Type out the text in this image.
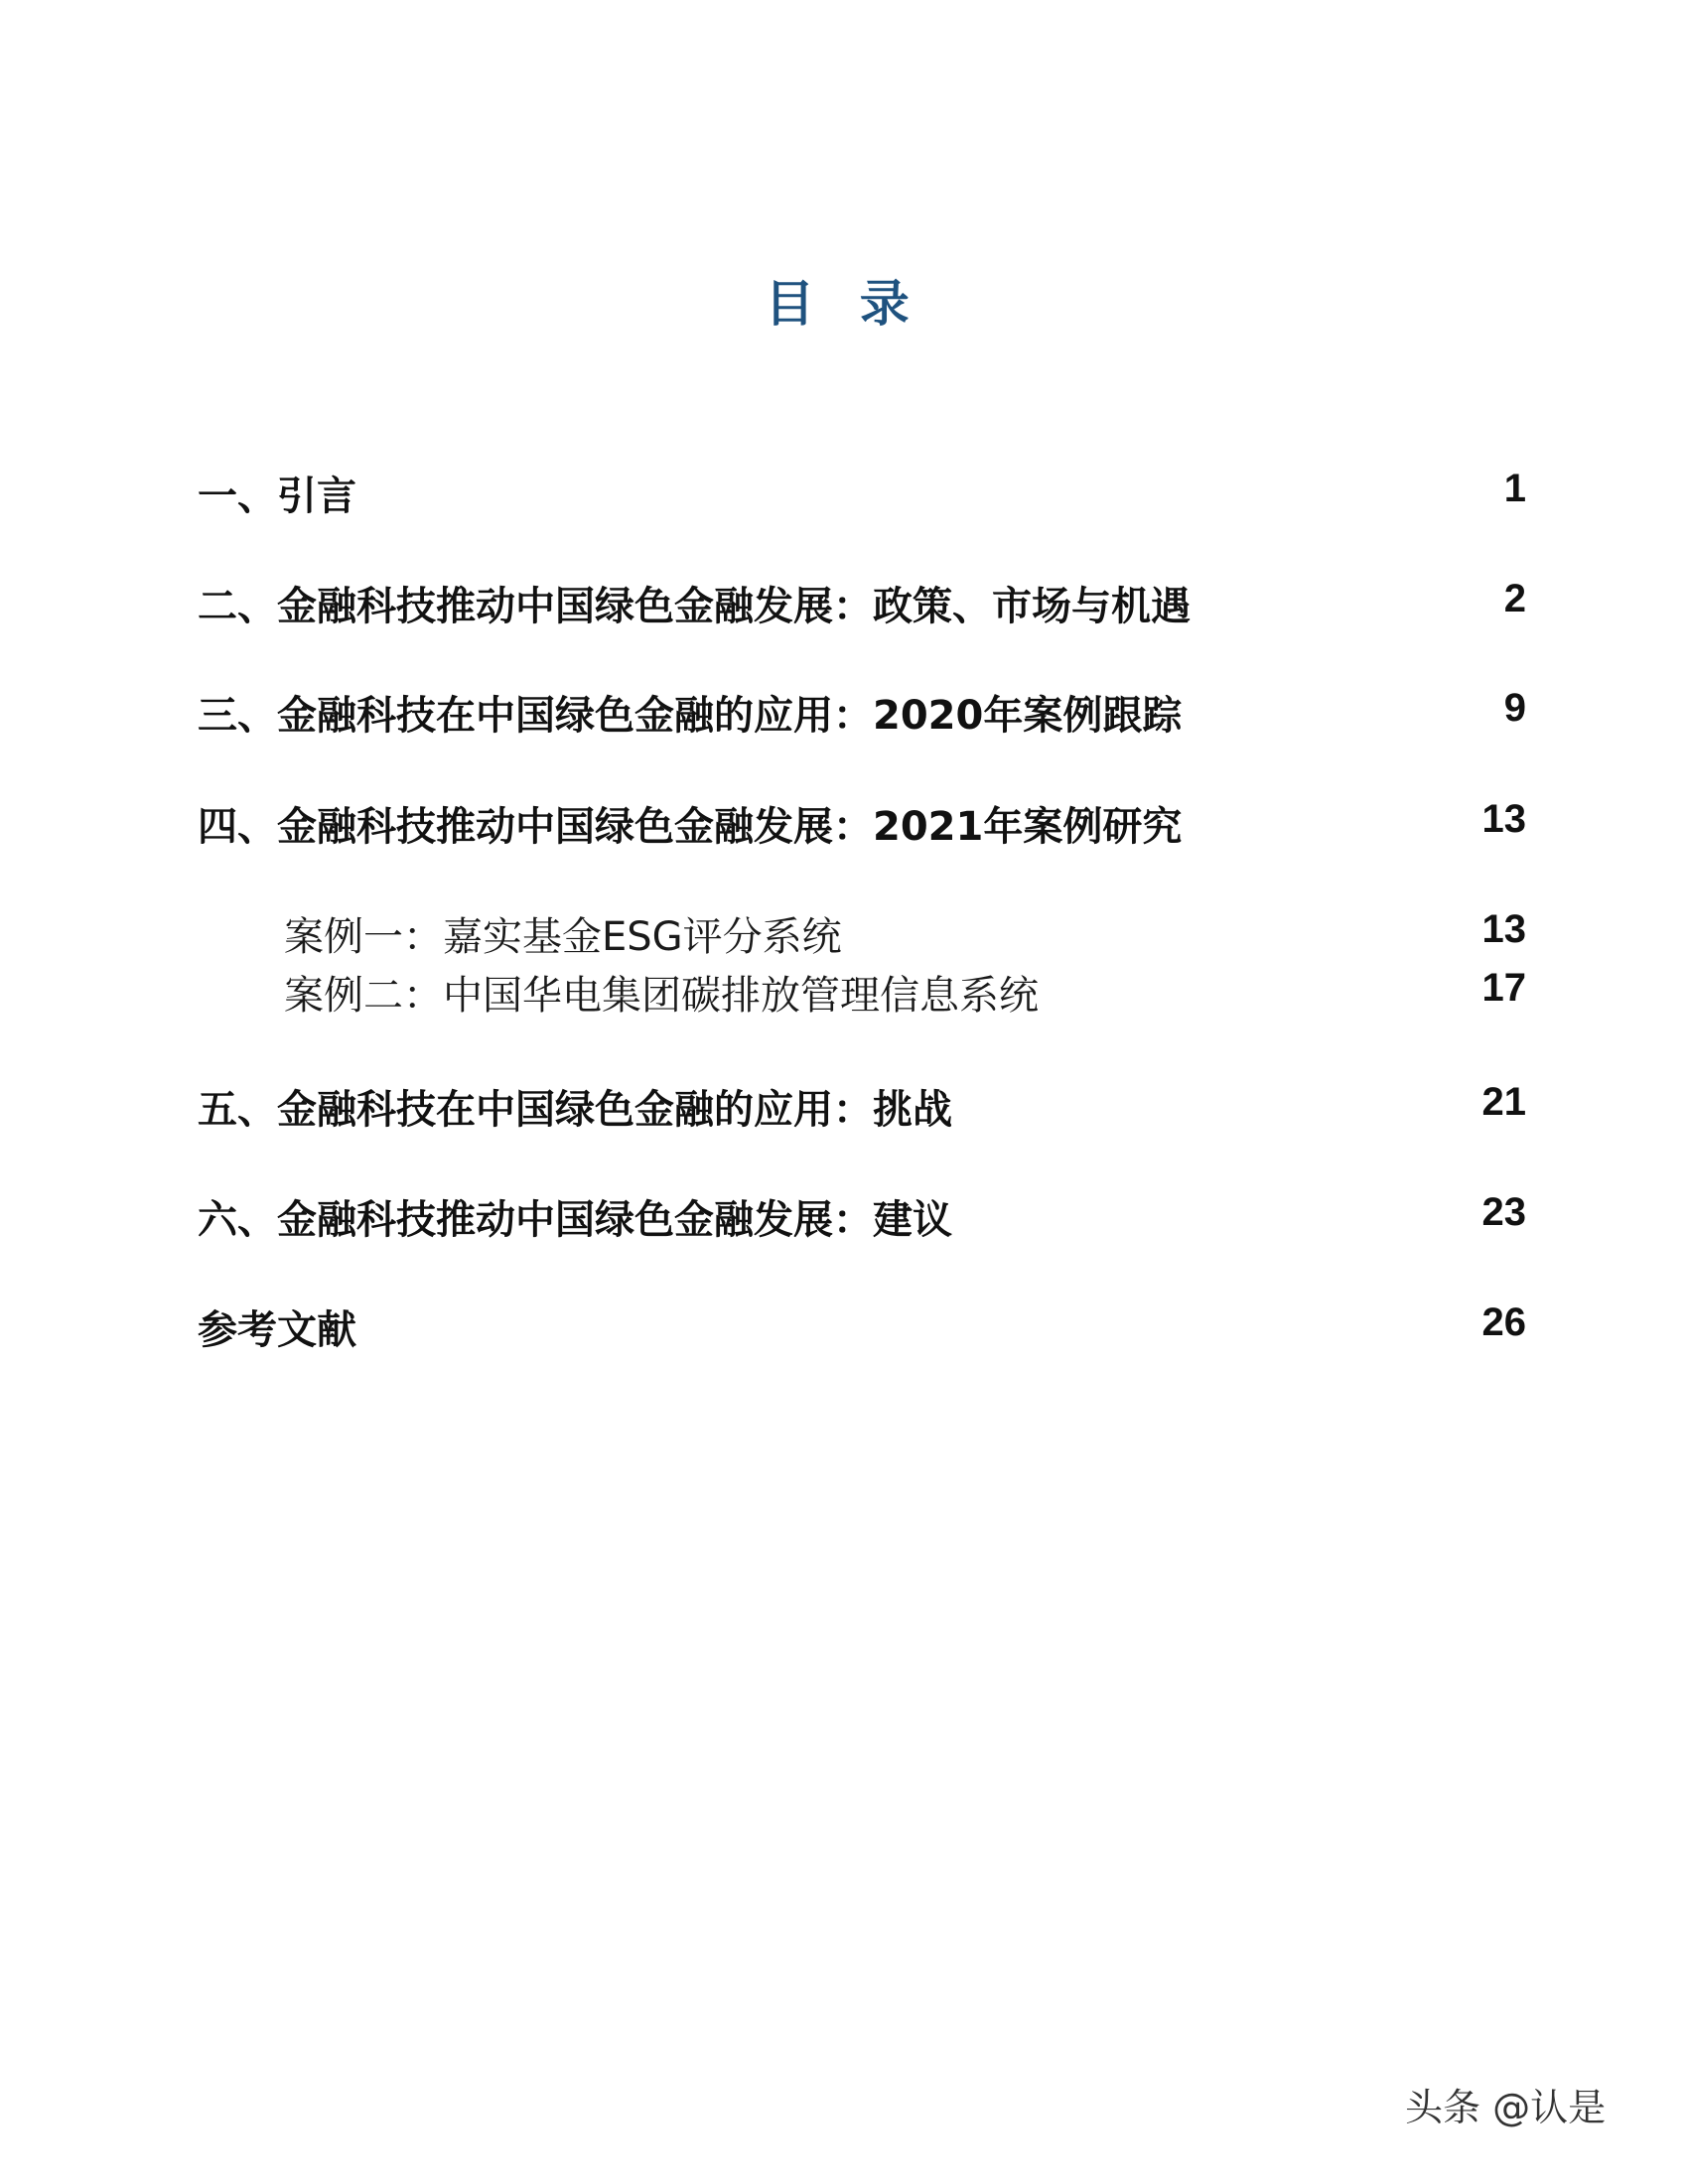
目 录
一、引言	1
二、金融科技推动中国绿色金融发展：政策、市场与机遇	2
三、金融科技在中国绿色金融的应用：2020年案例跟踪	9
四、金融科技推动中国绿色金融发展：2021年案例研究	13
案例一：嘉实基金ESG评分系统	13
案例二：中国华电集团碳排放管理信息系统	17
五、金融科技在中国绿色金融的应用：挑战	21
六、金融科技推动中国绿色金融发展：建议	23
参考文献	26
头条 @认是
